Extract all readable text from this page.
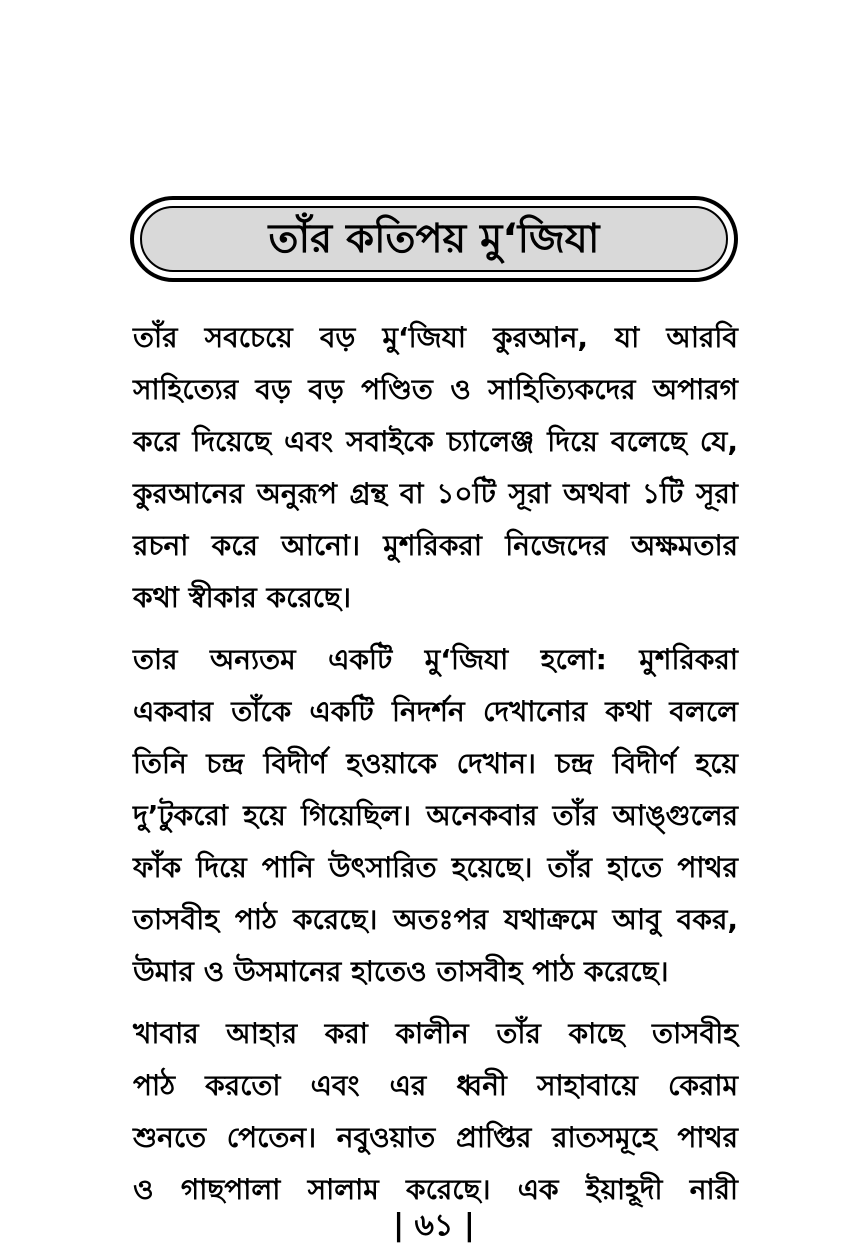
তাঁর কতিপয় মু‘জিযা

তাঁর সবচেয়ে বড় মু‘জিযা কুরআন, যা আরবি
সাহিত্যের বড় বড় পণ্ডিত ও সাহিত্যিকদের অপারগ
করে দিয়েছে এবং সবাইকে চ্যালেঞ্জ দিয়ে বলেছে যে,
কুরআনের অনুরূপ গ্রন্থ বা ১০টি সূরা অথবা ১টি সূরা
রচনা করে আনো। মুশরিকরা নিজেদের অক্ষমতার
কথা স্বীকার করেছে।

তার অন্যতম একটি মু‘জিযা হলো: মুশরিকরা
একবার তাঁকে একটি নিদর্শন দেখানোর কথা বললে
তিনি চন্দ্র বিদীর্ণ হওয়াকে দেখান। চন্দ্র বিদীর্ণ হয়ে
দু’টুকরো হয়ে গিয়েছিল। অনেকবার তাঁর আঙ্গুলের
ফাঁক দিয়ে পানি উৎসারিত হয়েছে। তাঁর হাতে পাথর
তাসবীহ পাঠ করেছে। অতঃপর যথাক্রমে আবু বকর,
উমার ও উসমানের হাতেও তাসবীহ পাঠ করেছে।

খাবার আহার করা কালীন তাঁর কাছে তাসবীহ
পাঠ করতো এবং এর ধ্বনী সাহাবায়ে কেরাম
শুনতে পেতেন। নবুওয়াত প্রাপ্তির রাতসমূহে পাথর
ও গাছপালা সালাম করেছে। এক ইয়াহূদী নারী

| ৬১ |
